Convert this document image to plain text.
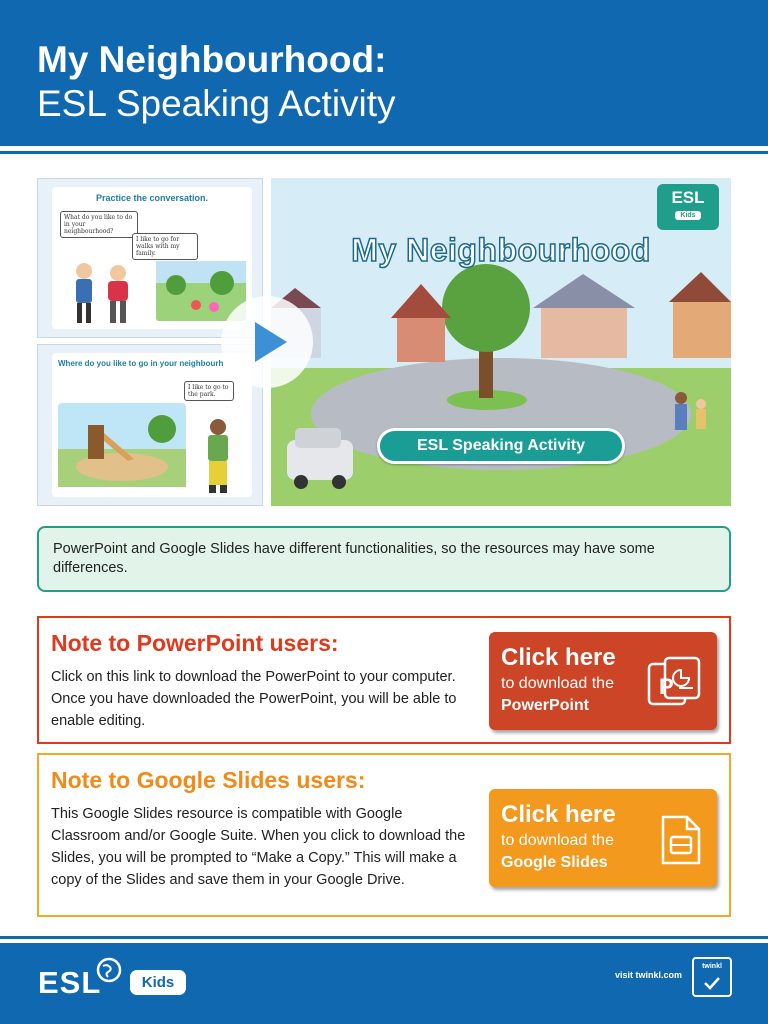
My Neighbourhood:
ESL Speaking Activity
Practice the conversation.
What do you like to do in your neighbourhood?
I like to go for walks with my family.
Where do you like to go in your neighbourh
I like to go to the park.
ESL
Kids
My Neighbourhood
ESL Speaking Activity
PowerPoint and Google Slides have different functionalities, so the resources may have some differences.
Note to PowerPoint users:
Click on this link to download the PowerPoint to your computer. Once you have downloaded the PowerPoint, you will be able to enable editing.
Click here
to download the
PowerPoint
P
Note to Google Slides users:
This Google Slides resource is compatible with Google Classroom and/or Google Suite. When you click to download the Slides, you will be prompted to “Make a Copy.” This will make a copy of the Slides and save them in your Google Drive.
Click here
to download the
Google Slides
ESL	Kids	visit twinkl.com
twinkl
